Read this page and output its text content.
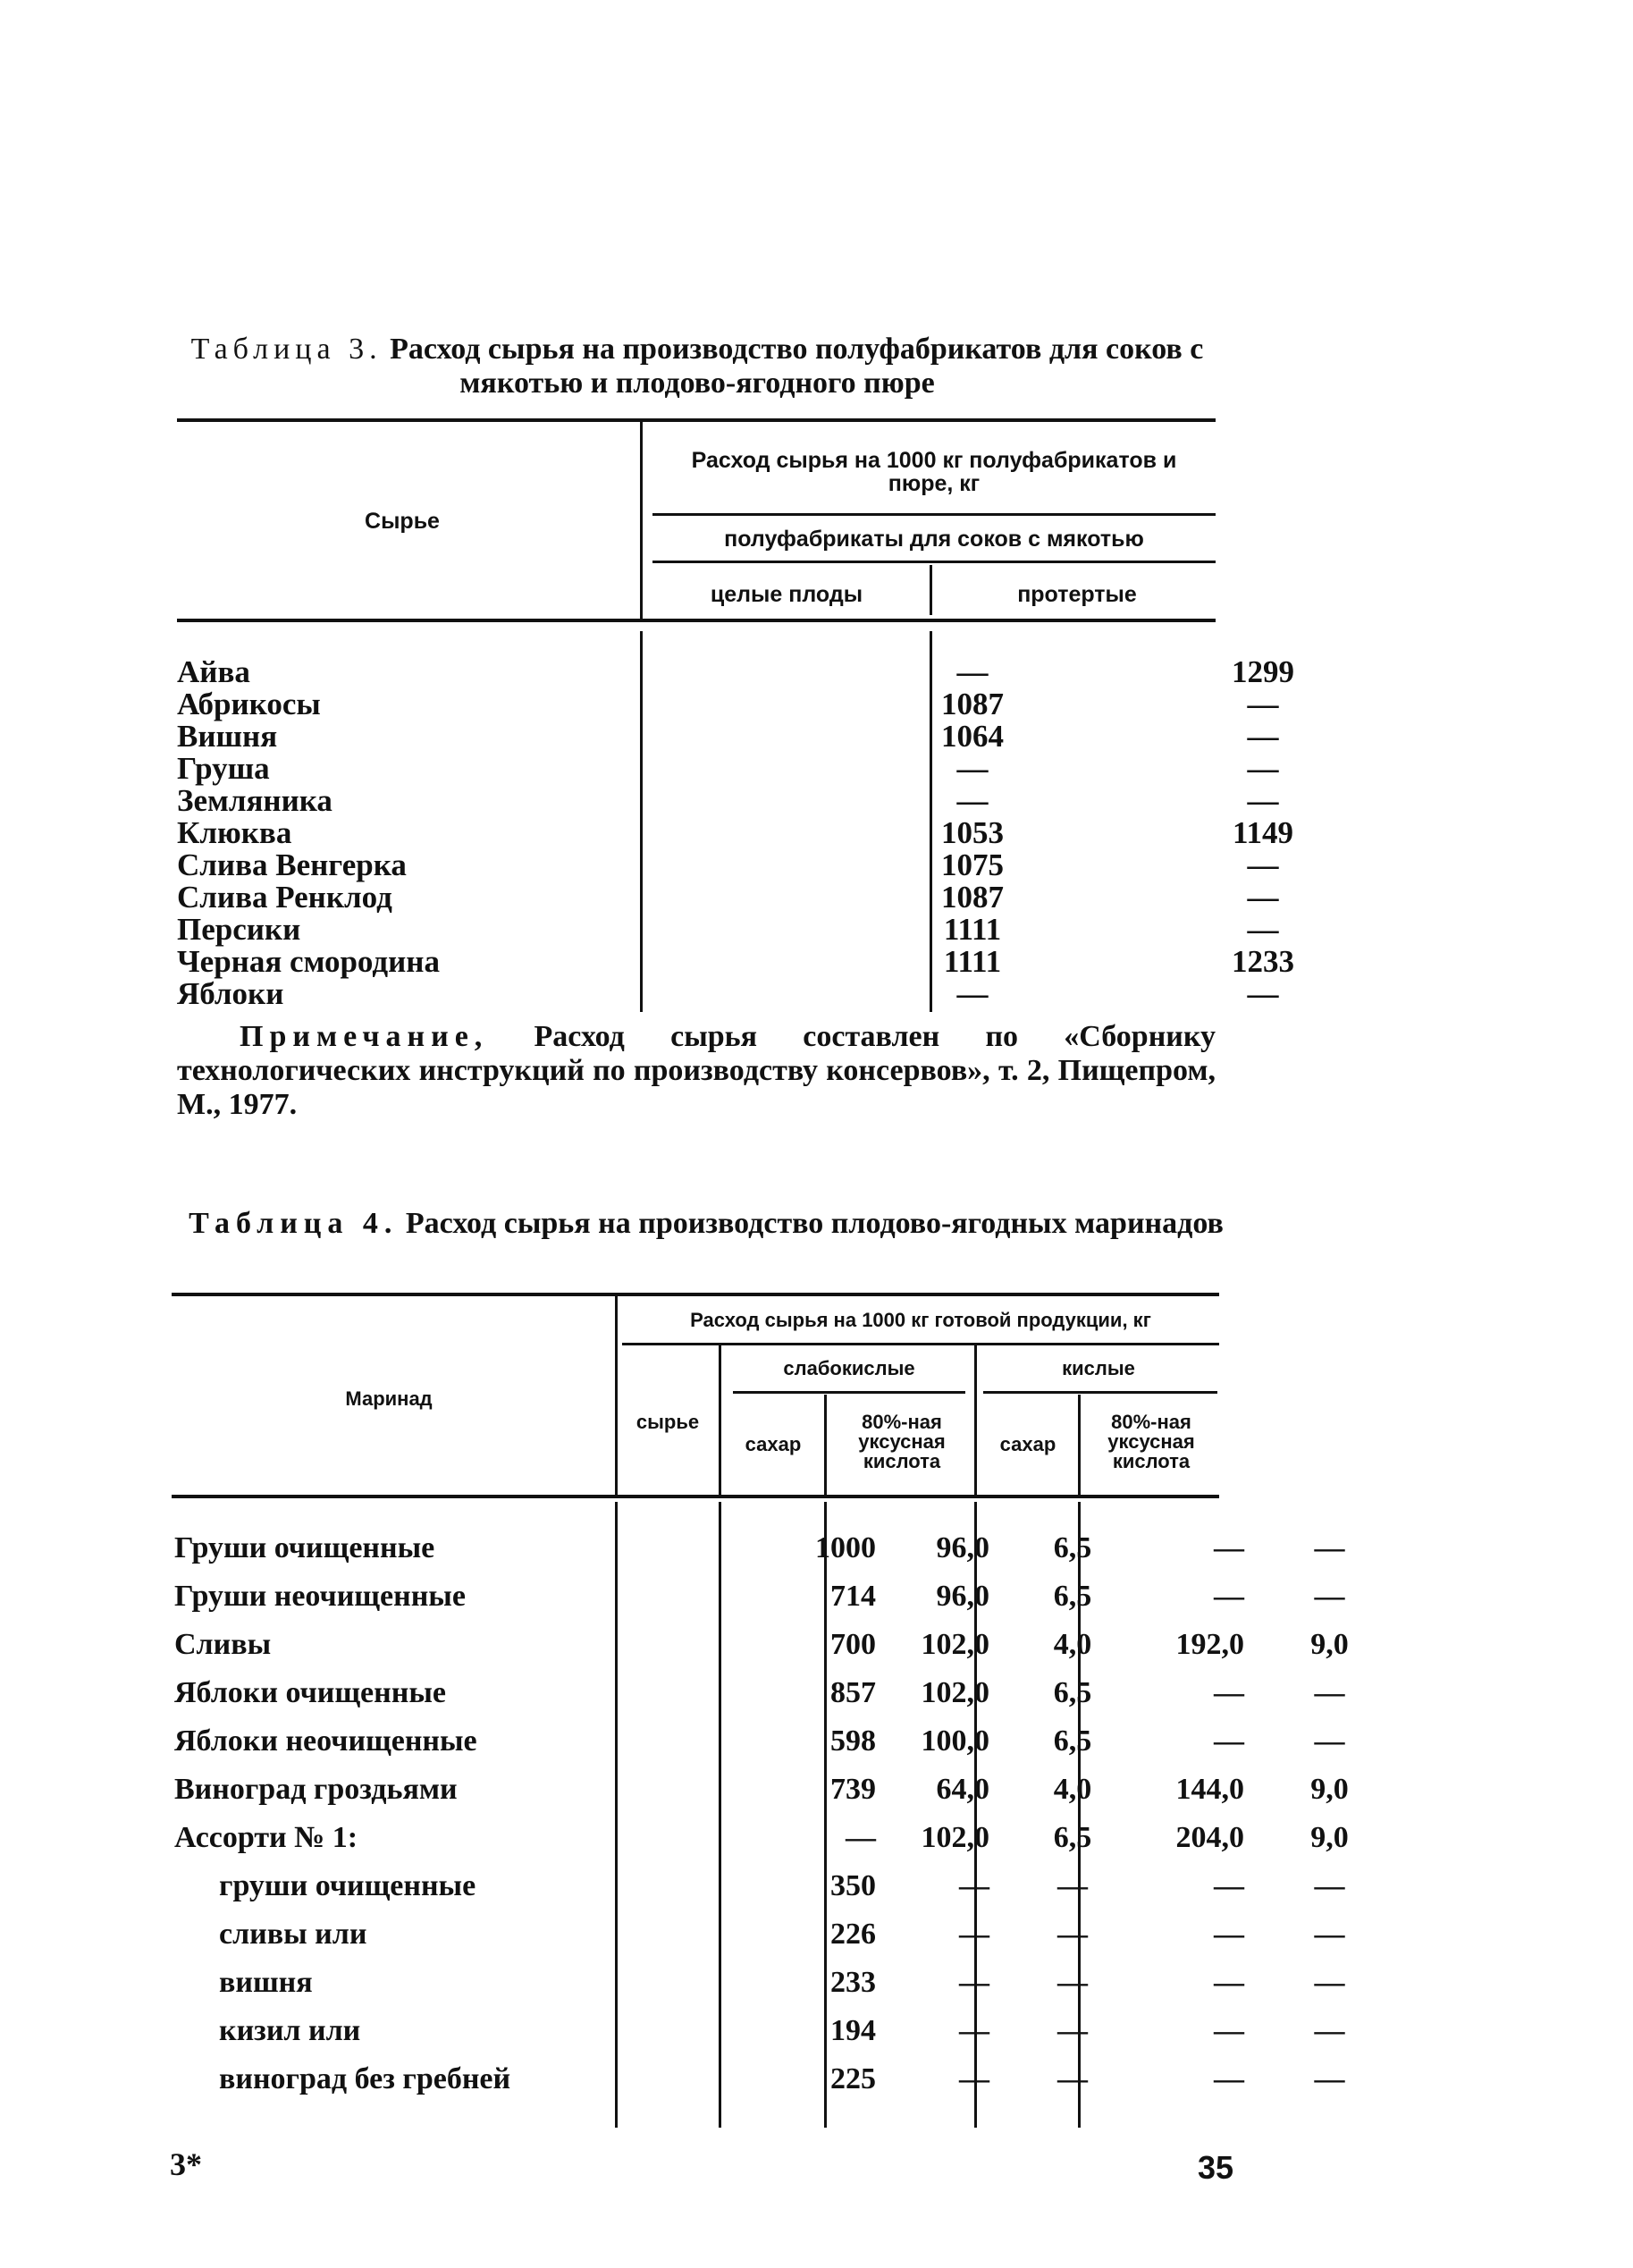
Таблица 3. Расход сырья на производство полуфабрикатов для соков с мякотью и плодово-ягодного пюре
Сырье
Расход сырья на 1000 кг полуфабрикатов и пюре, кг
полуфабрикаты для соков с мякотью
целые плоды	протертые
Айва	—	1299
Абрикосы	1087	—
Вишня	1064	—
Груша	—	—
Земляника	—	—
Клюква	1053	1149
Слива Венгерка	1075	—
Слива Ренклод	1087	—
Персики	1111	—
Черная смородина	1111	1233
Яблоки	—	—
Примечание, Расход сырья составлен по «Сборнику технологических инструкций по производству консервов», т. 2, Пищепром, М., 1977.
Таблица 4. Расход сырья на производство плодово-ягодных маринадов
Маринад
Расход сырья на 1000 кг готовой продукции, кг
сырье
слабокислые	кислые
сахар
80%-ная уксусная кислота
сахар
80%-ная уксусная кислота
Груши очищенные	1000	96,0	6,5	—	—
Груши неочищенные	714	96,0	6,5	—	—
Сливы	700	102,0	4,0	192,0	9,0
Яблоки очищенные	857	102,0	6,5	—	—
Яблоки неочищенные	598	100,0	6,5	—	—
Виноград гроздьями	739	64,0	4,0	144,0	9,0
Ассорти № 1:	—	102,0	6,5	204,0	9,0
груши очищенные	350	—	—	—	—
сливы или	226	—	—	—	—
вишня	233	—	—	—	—
кизил или	194	—	—	—	—
виноград без гребней	225	—	—	—	—
3*	35
